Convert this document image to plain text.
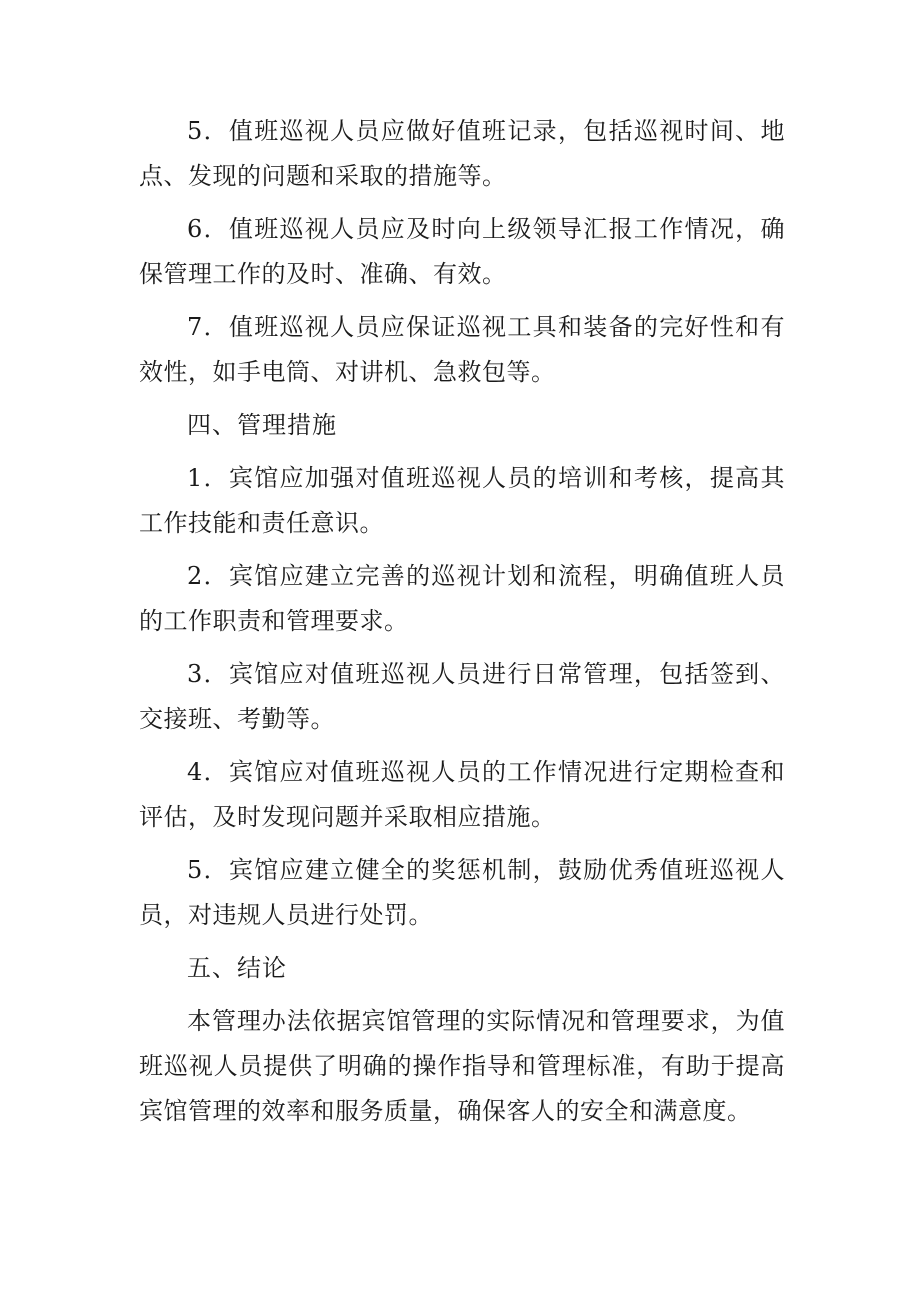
5．值班巡视人员应做好值班记录，包括巡视时间、地点、发现的问题和采取的措施等。

6．值班巡视人员应及时向上级领导汇报工作情况，确保管理工作的及时、准确、有效。

7．值班巡视人员应保证巡视工具和装备的完好性和有效性，如手电筒、对讲机、急救包等。

四、管理措施

1．宾馆应加强对值班巡视人员的培训和考核，提高其工作技能和责任意识。

2．宾馆应建立完善的巡视计划和流程，明确值班人员的工作职责和管理要求。

3．宾馆应对值班巡视人员进行日常管理，包括签到、交接班、考勤等。

4．宾馆应对值班巡视人员的工作情况进行定期检查和评估，及时发现问题并采取相应措施。

5．宾馆应建立健全的奖惩机制，鼓励优秀值班巡视人员，对违规人员进行处罚。

五、结论

本管理办法依据宾馆管理的实际情况和管理要求，为值班巡视人员提供了明确的操作指导和管理标准，有助于提高宾馆管理的效率和服务质量，确保客人的安全和满意度。
